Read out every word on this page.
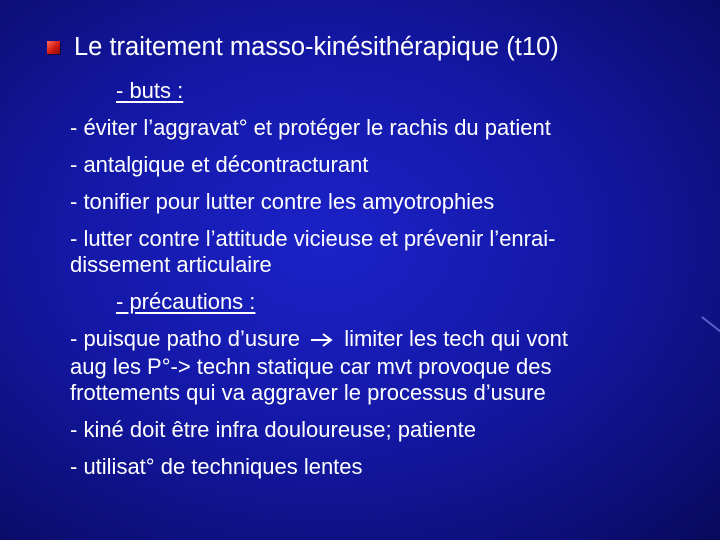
Le traitement masso-kinésithérapique (t10)
- buts :
- éviter l’aggravat° et protéger le rachis du patient
- antalgique et décontracturant
- tonifier pour lutter contre les amyotrophies
- lutter contre l’attitude vicieuse et prévenir l’enrai-
dissement articulaire
- précautions :
- puisque patho d’usure limiter les tech qui vont
aug les P°-> techn statique car mvt provoque des
frottements qui va aggraver le processus d’usure
- kiné doit être infra douloureuse; patiente
- utilisat° de techniques lentes
